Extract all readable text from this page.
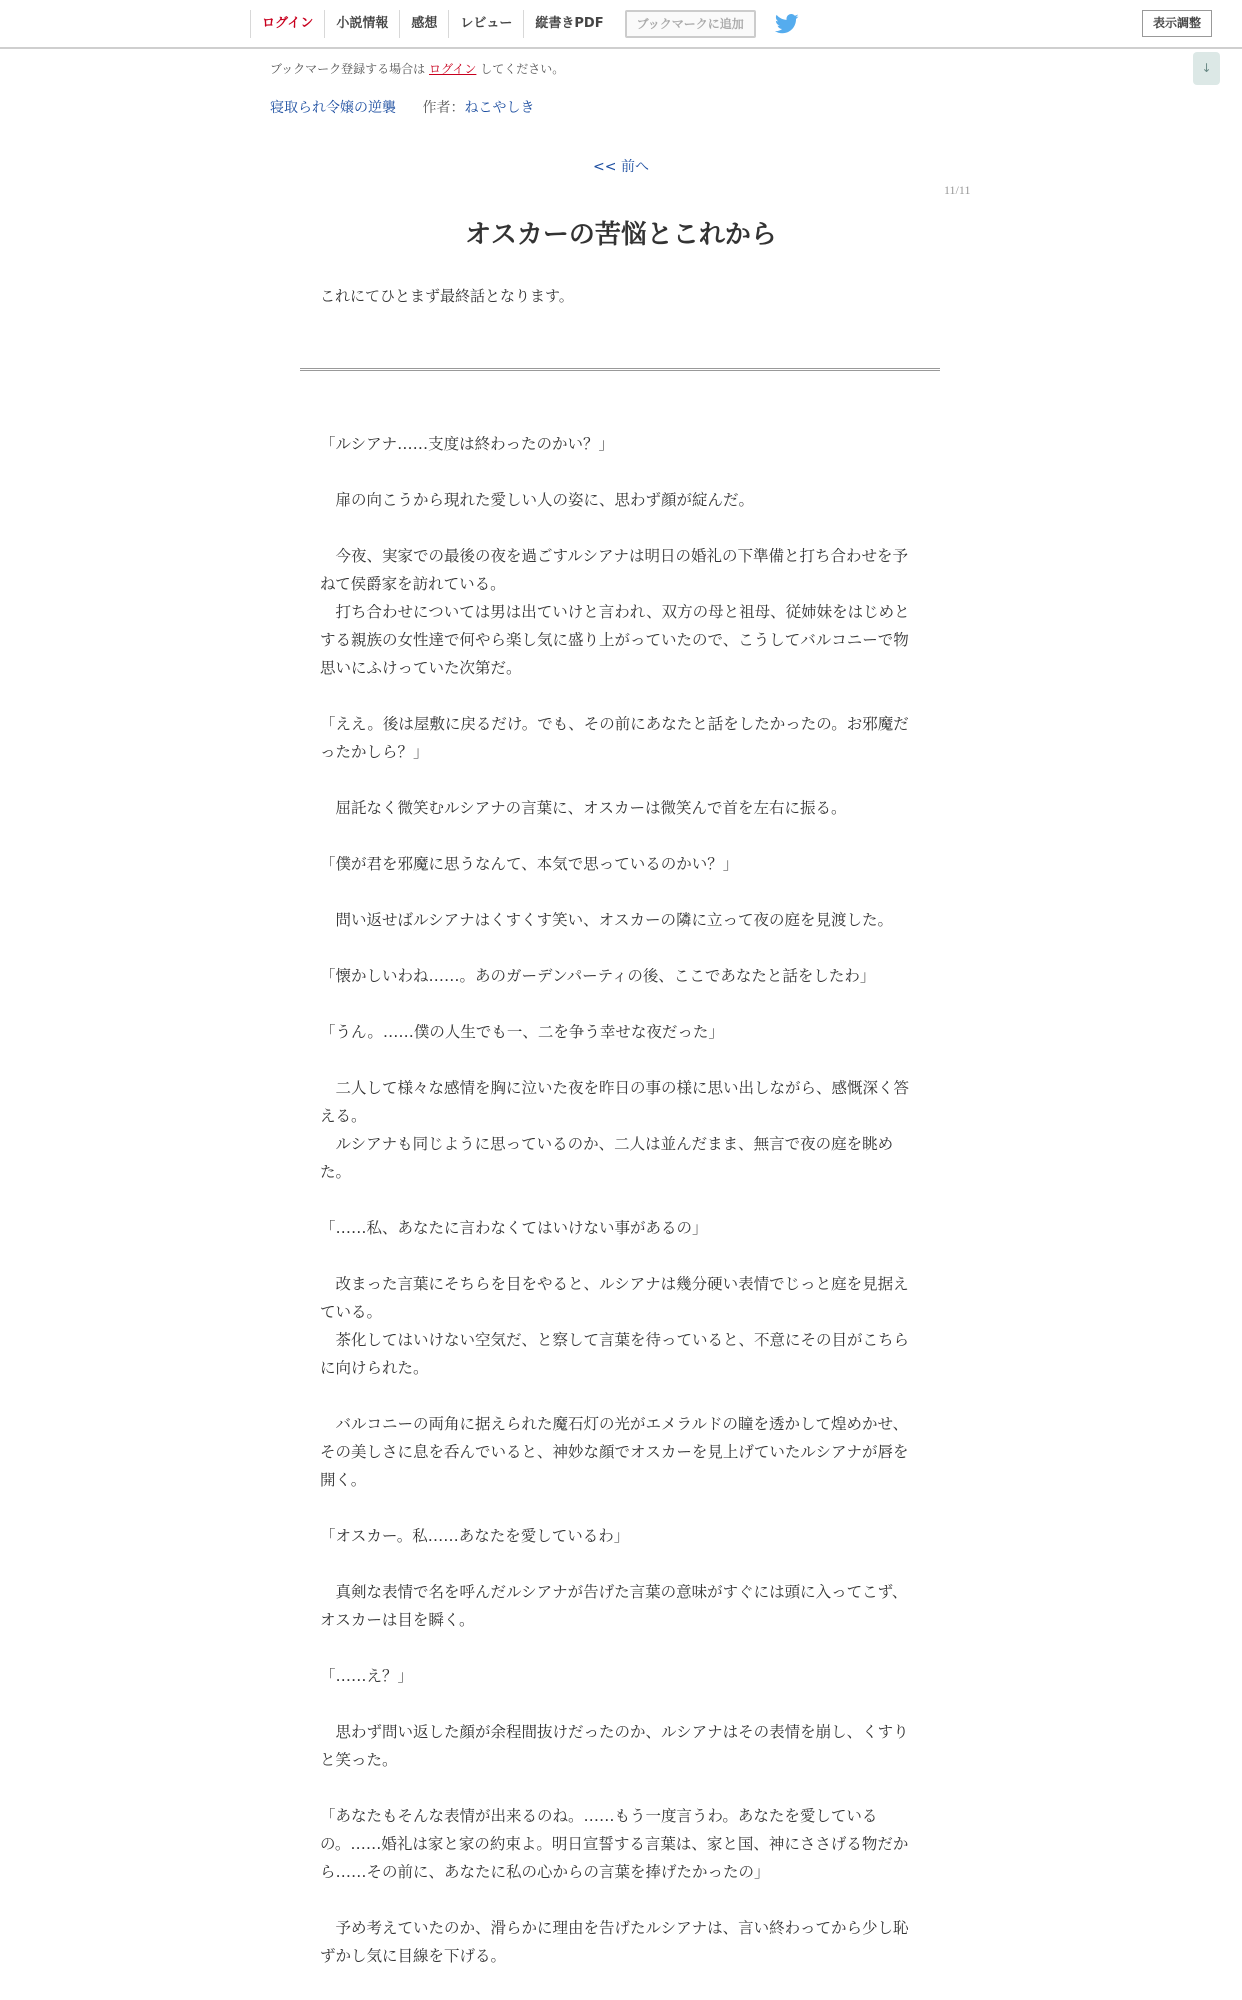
ログイン	小説情報	感想	レビュー	縦書きPDF	ブックマークに追加	表示調整
↓
ブックマーク登録する場合は ログイン してください。
寝取られ令嬢の逆襲 作者：ねこやしき
<< 前へ
11/11
オスカーの苦悩とこれから
これにてひとまず最終話となります。

「ルシアナ……支度は終わったのかい？」

　扉の向こうから現れた愛しい人の姿に、思わず顔が綻んだ。

　今夜、実家での最後の夜を過ごすルシアナは明日の婚礼の下準備と打ち合わせを予ねて侯爵家を訪れている。

　打ち合わせについては男は出ていけと言われ、双方の母と祖母、従姉妹をはじめとする親族の女性達で何やら楽し気に盛り上がっていたので、こうしてバルコニーで物思いにふけっていた次第だ。

「ええ。後は屋敷に戻るだけ。でも、その前にあなたと話をしたかったの。お邪魔だったかしら？」

　屈託なく微笑むルシアナの言葉に、オスカーは微笑んで首を左右に振る。

「僕が君を邪魔に思うなんて、本気で思っているのかい？」

　問い返せばルシアナはくすくす笑い、オスカーの隣に立って夜の庭を見渡した。

「懐かしいわね……。あのガーデンパーティの後、ここであなたと話をしたわ」

「うん。……僕の人生でも一、二を争う幸せな夜だった」

　二人して様々な感情を胸に泣いた夜を昨日の事の様に思い出しながら、感慨深く答える。

　ルシアナも同じように思っているのか、二人は並んだまま、無言で夜の庭を眺めた。

「……私、あなたに言わなくてはいけない事があるの」

　改まった言葉にそちらを目をやると、ルシアナは幾分硬い表情でじっと庭を見据えている。

　茶化してはいけない空気だ、と察して言葉を待っていると、不意にその目がこちらに向けられた。

　バルコニーの両角に据えられた魔石灯の光がエメラルドの瞳を透かして煌めかせ、その美しさに息を呑んでいると、神妙な顔でオスカーを見上げていたルシアナが唇を開く。

「オスカー。私……あなたを愛しているわ」

　真剣な表情で名を呼んだルシアナが告げた言葉の意味がすぐには頭に入ってこず、オスカーは目を瞬く。

「……え？」

　思わず問い返した顔が余程間抜けだったのか、ルシアナはその表情を崩し、くすりと笑った。

「あなたもそんな表情が出来るのね。……もう一度言うわ。あなたを愛しているの。……婚礼は家と家の約束よ。明日宣誓する言葉は、家と国、神にささげる物だから……その前に、あなたに私の心からの言葉を捧げたかったの」

　予め考えていたのか、滑らかに理由を告げたルシアナは、言い終わってから少し恥ずかし気に目線を下げる。
